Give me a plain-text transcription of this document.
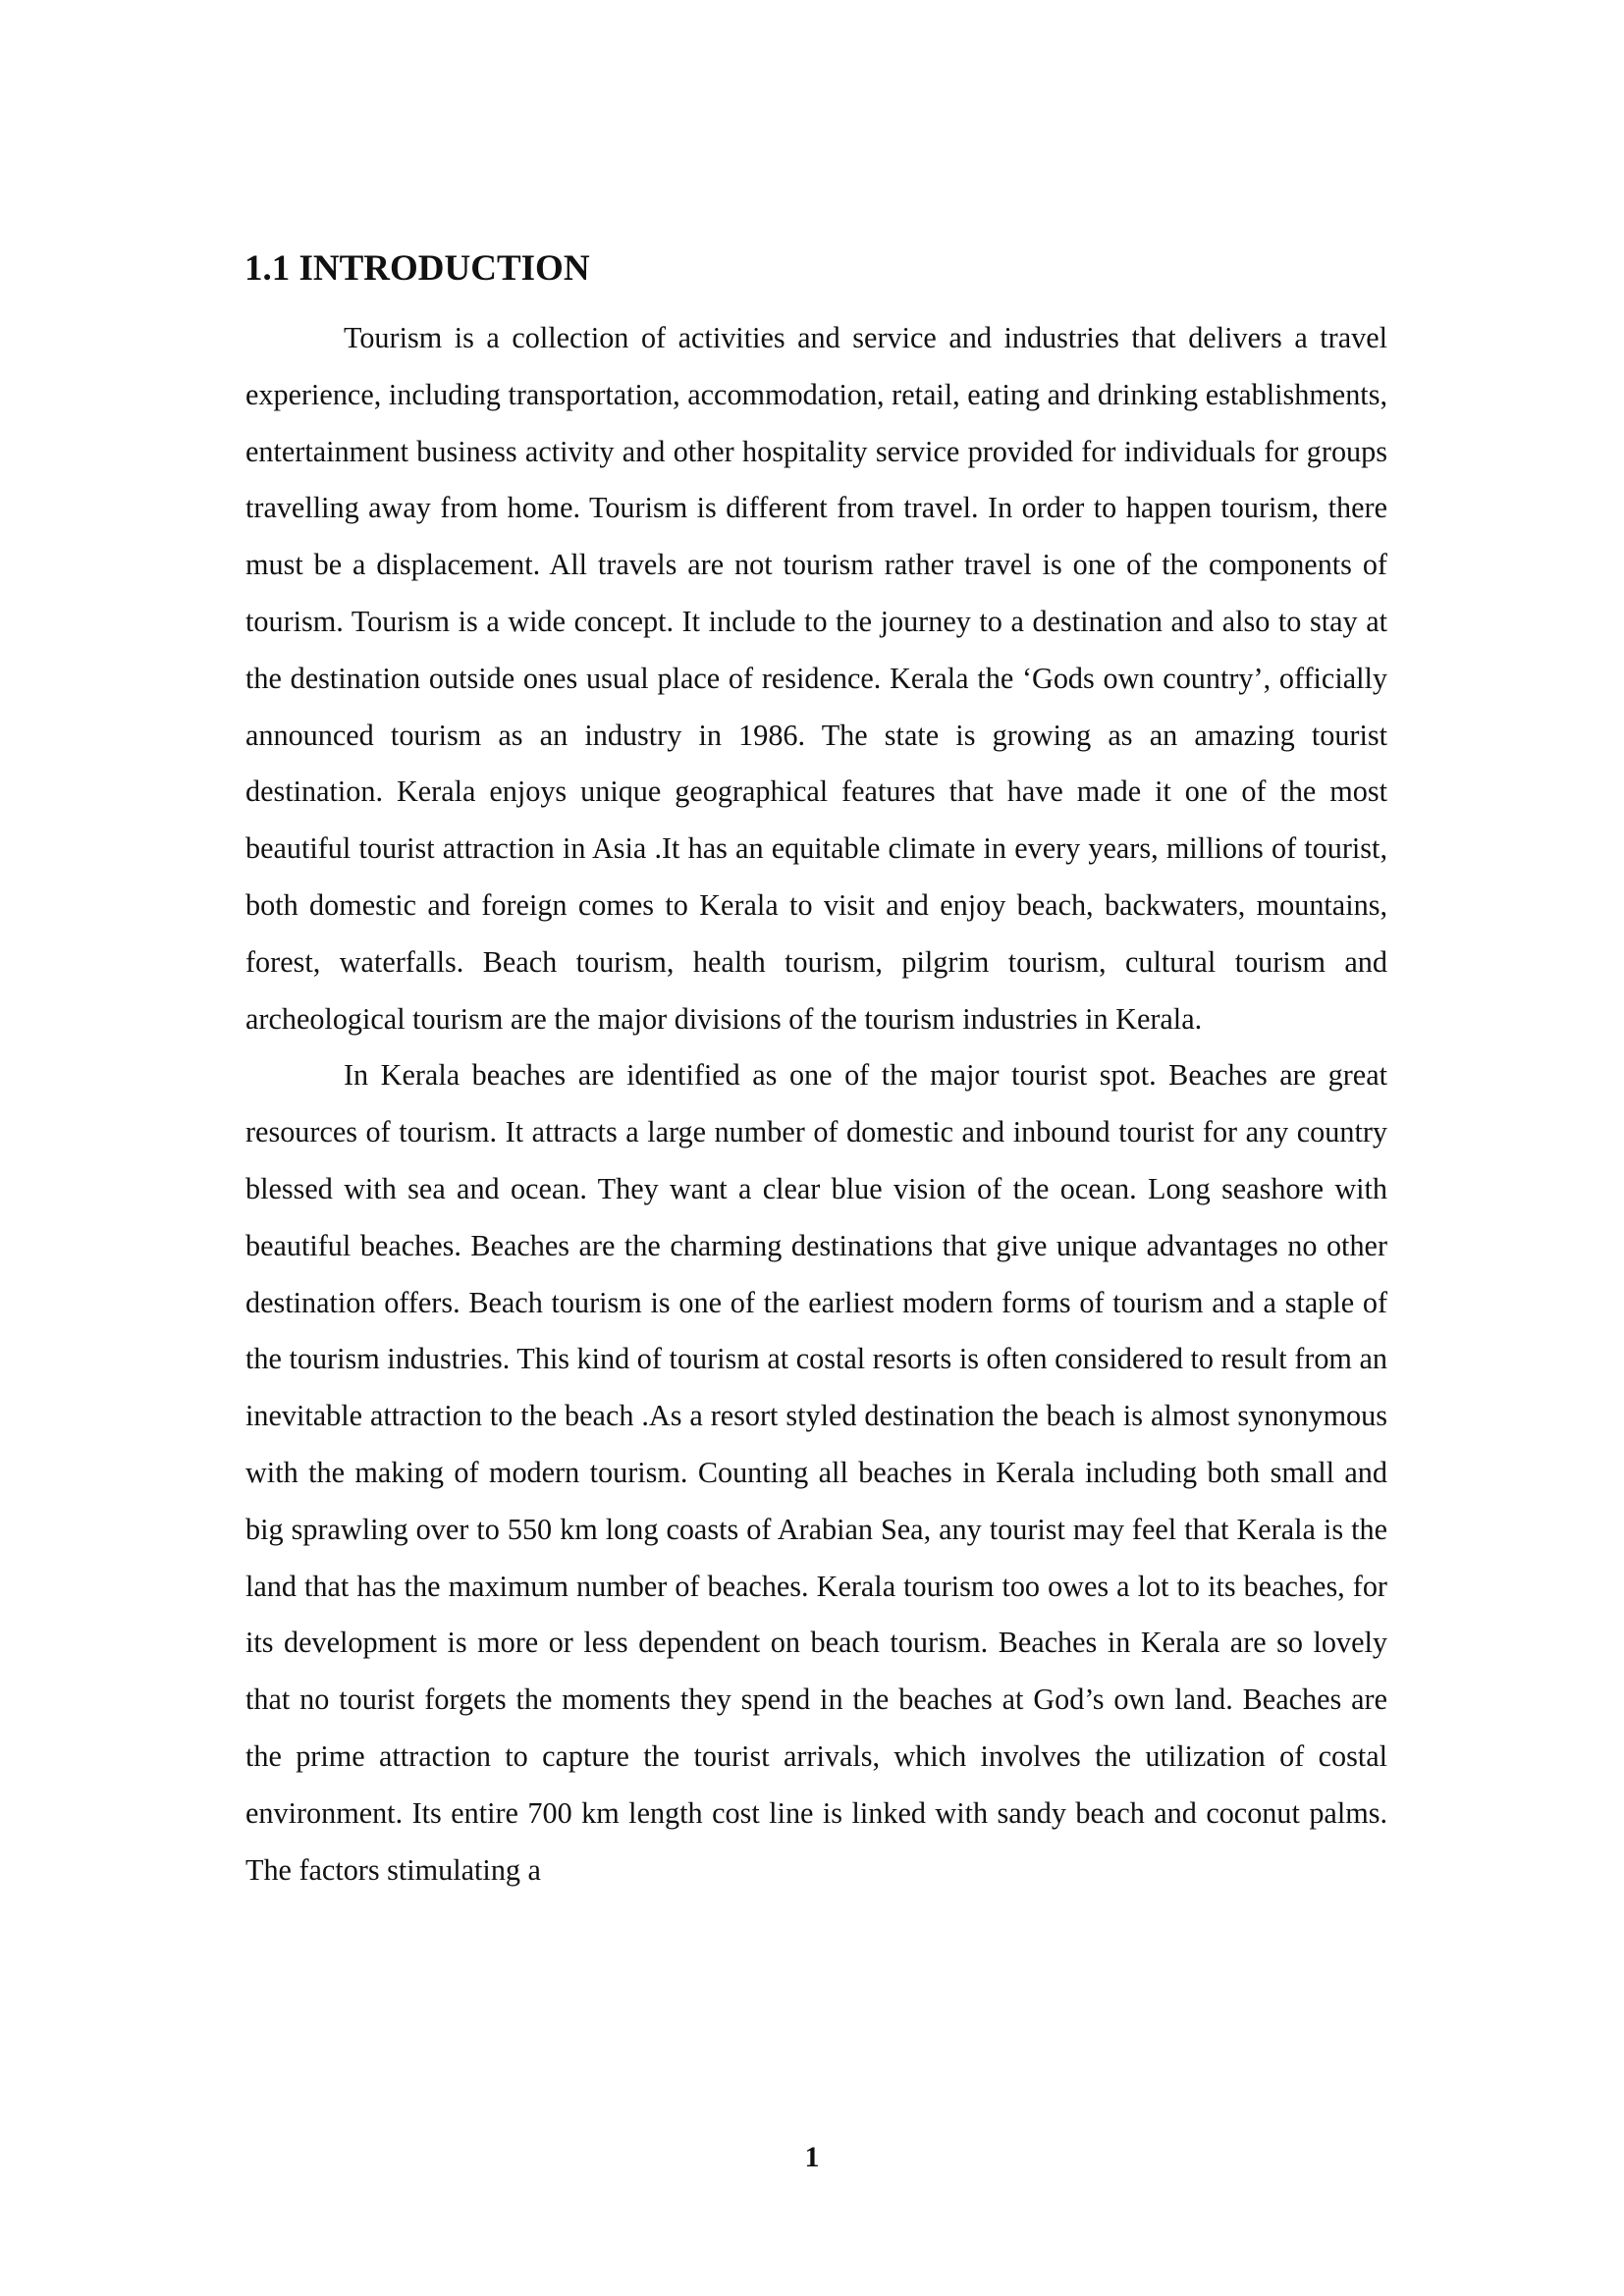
1.1 INTRODUCTION

Tourism is a collection of activities and service and industries that delivers a travel experience, including transportation, accommodation, retail, eating and drinking establishments, entertainment business activity and other hospitality service provided for individuals for groups travelling away from home. Tourism is different from travel. In order to happen tourism, there must be a displacement. All travels are not tourism rather travel is one of the components of tourism. Tourism is a wide concept. It include to the journey to a destination and also to stay at the destination outside ones usual place of residence. Kerala the ‘Gods own country’, officially announced tourism as an industry in 1986. The state is growing as an amazing tourist destination. Kerala enjoys unique geographical features that have made it one of the most beautiful tourist attraction in Asia .It has an equitable climate in every years, millions of tourist, both domestic and foreign comes to Kerala to visit and enjoy beach, backwaters, mountains, forest, waterfalls. Beach tourism, health tourism, pilgrim tourism, cultural tourism and archeological tourism are the major divisions of the tourism industries in Kerala.

In Kerala beaches are identified as one of the major tourist spot. Beaches are great resources of tourism. It attracts a large number of domestic and inbound tourist for any country blessed with sea and ocean. They want a clear blue vision of the ocean. Long seashore with beautiful beaches. Beaches are the charming destinations that give unique advantages no other destination offers. Beach tourism is one of the earliest modern forms of tourism and a staple of the tourism industries. This kind of tourism at costal resorts is often considered to result from an inevitable attraction to the beach .As a resort styled destination the beach is almost synonymous with the making of modern tourism. Counting all beaches in Kerala including both small and big sprawling over to 550 km long coasts of Arabian Sea, any tourist may feel that Kerala is the land that has the maximum number of beaches. Kerala tourism too owes a lot to its beaches, for its development is more or less dependent on beach tourism. Beaches in Kerala are so lovely that no tourist forgets the moments they spend in the beaches at God’s own land. Beaches are the prime attraction to capture the tourist arrivals, which involves the utilization of costal environment. Its entire 700 km length cost line is linked with sandy beach and coconut palms. The factors stimulating a

1
